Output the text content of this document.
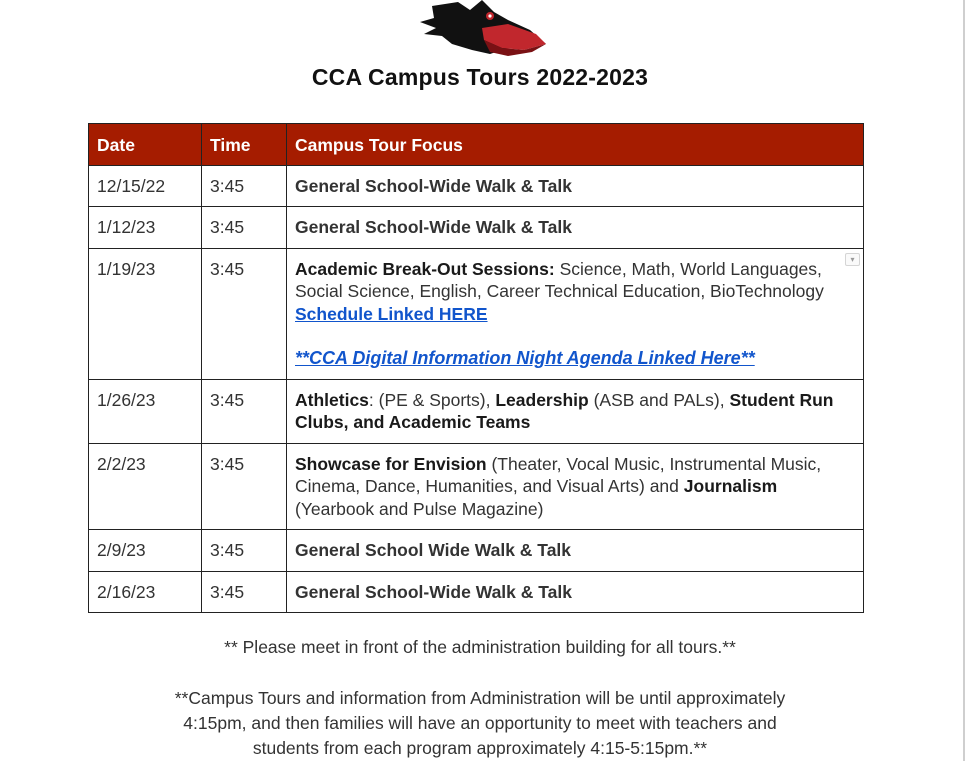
CCA Campus Tours 2022-2023
Date	Time	Campus Tour Focus
12/15/22	3:45	General School-Wide Walk & Talk
1/12/23	3:45	General School-Wide Walk & Talk
1/19/23	3:45	Academic Break-Out Sessions: Science, Math, World Languages, Social Science, English, Career Technical Education, BioTechnology Schedule Linked HERE
**CCA Digital Information Night Agenda Linked Here**
▾

1/26/23	3:45	Athletics: (PE & Sports), Leadership (ASB and PALs), Student Run Clubs, and Academic Teams
2/2/23	3:45	Showcase for Envision (Theater, Vocal Music, Instrumental Music, Cinema, Dance, Humanities, and Visual Arts) and Journalism (Yearbook and Pulse Magazine)
2/9/23	3:45	General School Wide Walk & Talk
2/16/23	3:45	General School-Wide Walk & Talk
** Please meet in front of the administration building for all tours.**
**Campus Tours and information from Administration will be until approximately
4:15pm, and then families will have an opportunity to meet with teachers and
students from each program approximately 4:15-5:15pm.**
